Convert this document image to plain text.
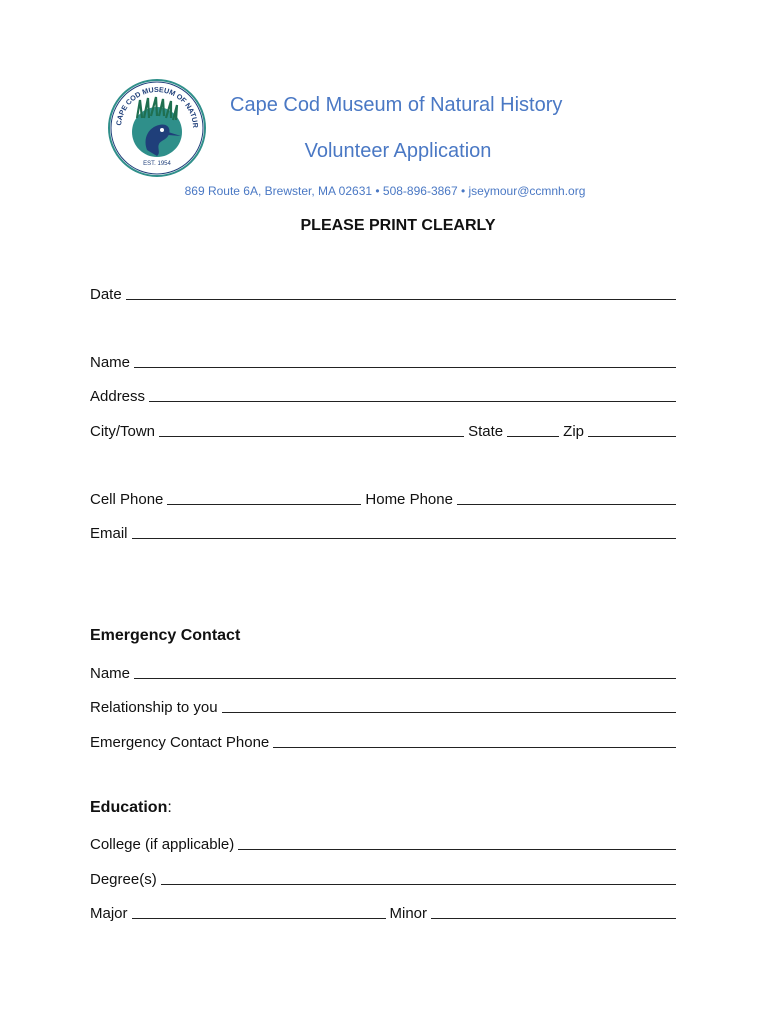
CAPE COD MUSEUM OF NATUR
EST. 1954
Cape Cod Museum of Natural History
Volunteer Application
869 Route 6A, Brewster, MA 02631 • 508-896-3867 • jseymour@ccmnh.org
PLEASE PRINT CLEARLY
Date
Name
Address
City/Town	State	Zip
Cell Phone	Home Phone
Email
Emergency Contact
Name
Relationship to you
Emergency Contact Phone
Education:
College (if applicable)
Degree(s)
Major	Minor
